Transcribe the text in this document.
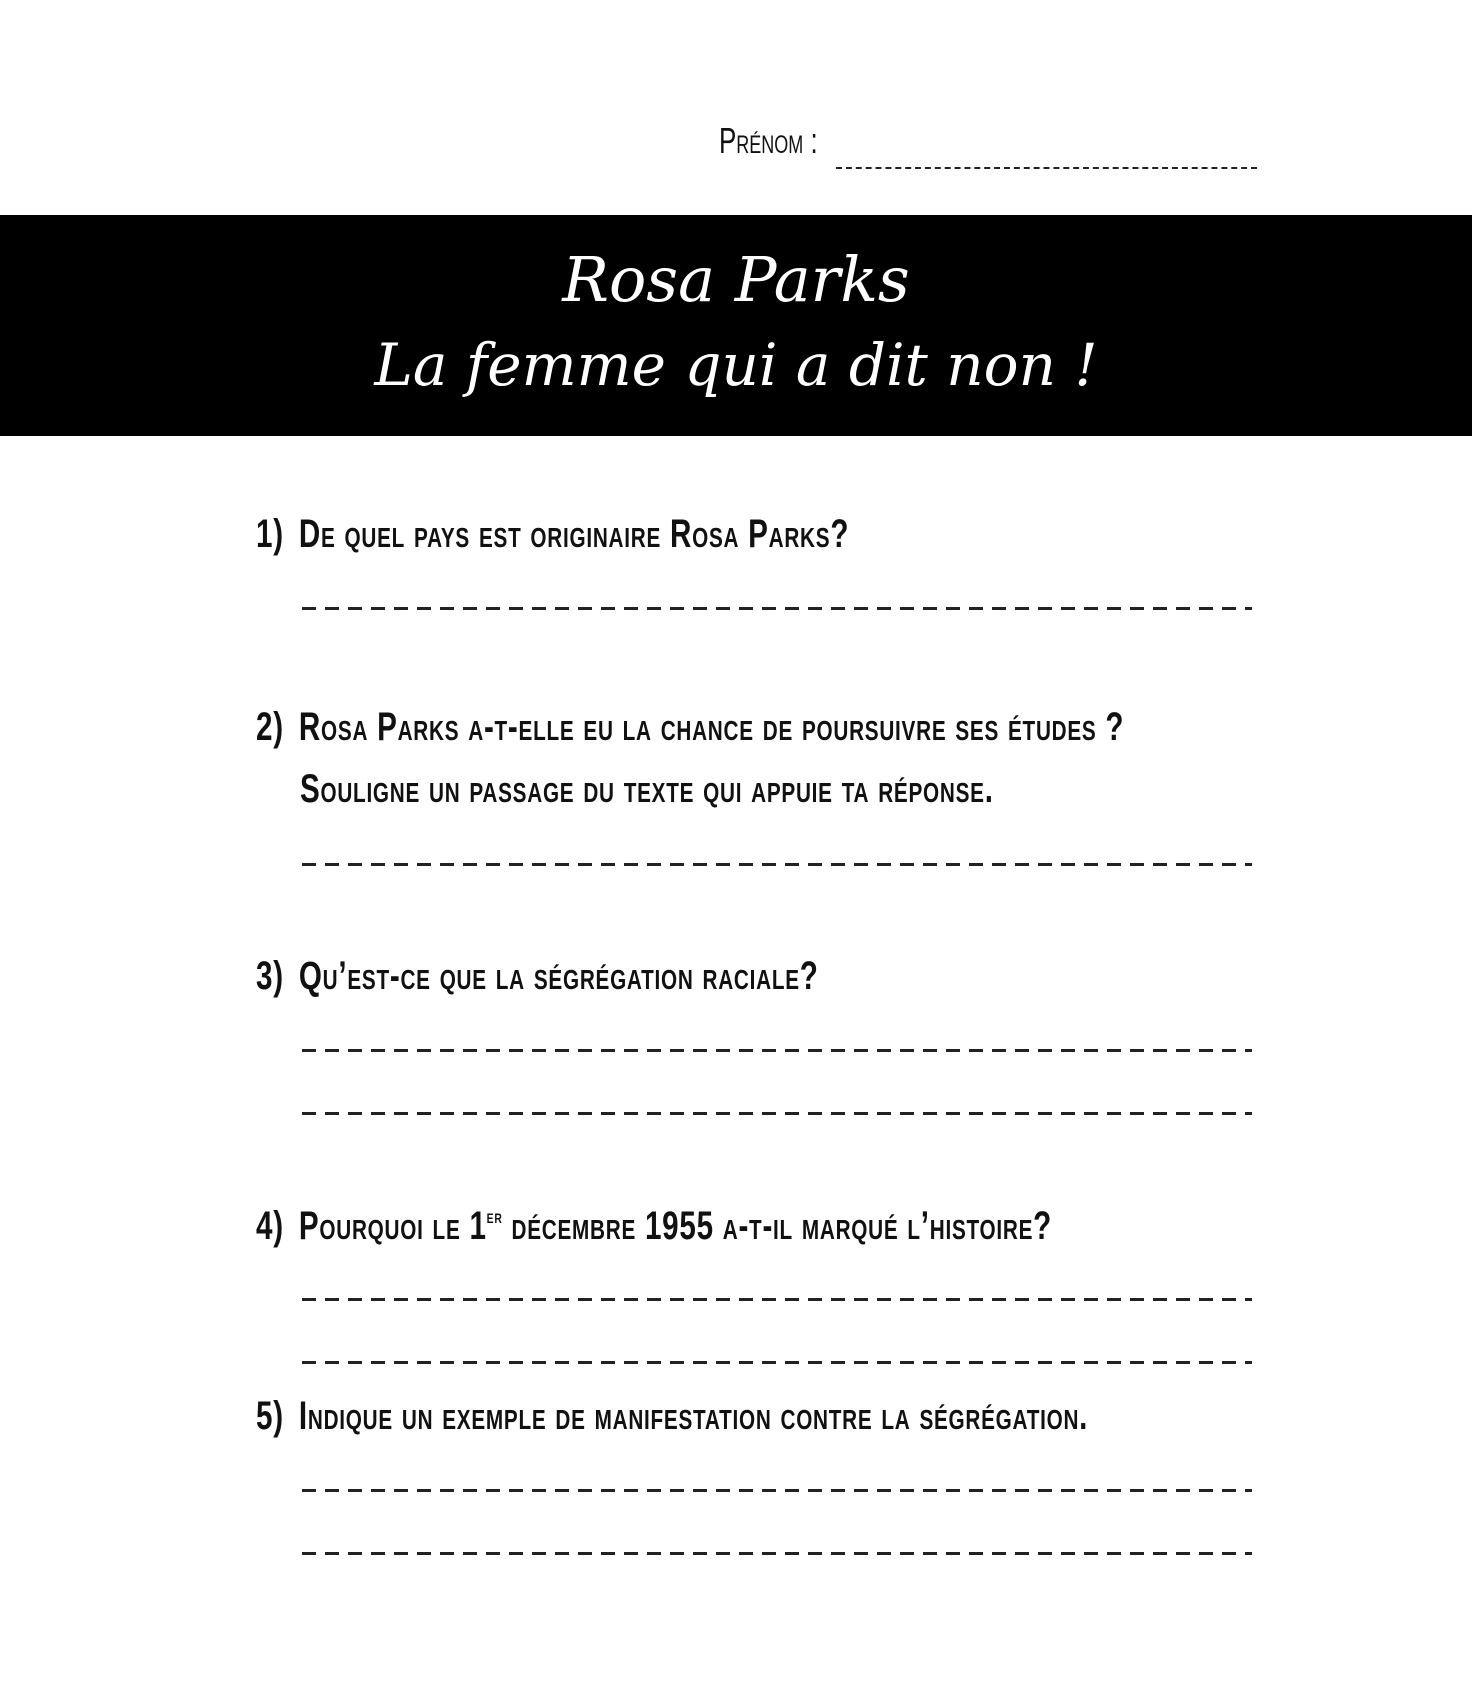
Prénom :
Rosa Parks
La femme qui a dit non !
1) De quel pays est originaire Rosa Parks?
2) Rosa Parks a-t-elle eu la chance de poursuivre ses études ?
Souligne un passage du texte qui appuie ta réponse.
3) Qu’est-ce que la ségrégation raciale?
4) Pourquoi le 1er décembre 1955 a-t-il marqué l’histoire?
5) Indique un exemple de manifestation contre la ségrégation.
